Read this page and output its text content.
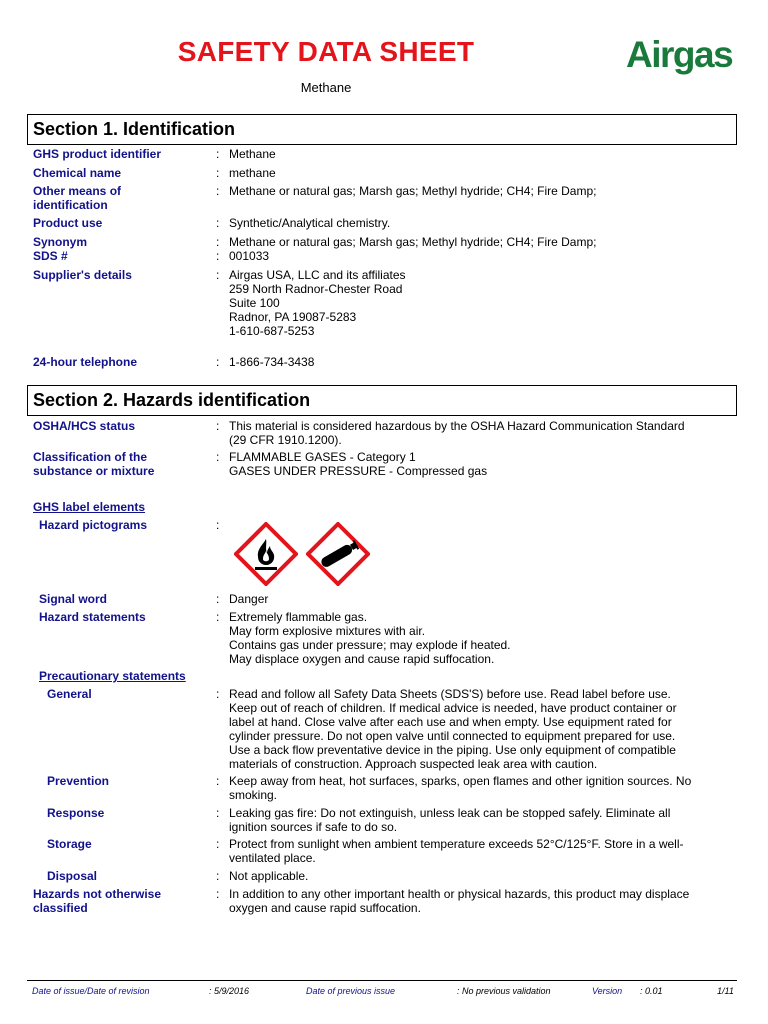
SAFETY DATA SHEET
Methane
Airgas
Section 1. Identification
GHS product identifier	: Methane
Chemical name	: methane
Other means of identification
: Methane or natural gas; Marsh gas; Methyl hydride; CH4; Fire Damp;
Product use	: Synthetic/Analytical chemistry.
Synonym	: Methane or natural gas; Marsh gas; Methyl hydride; CH4; Fire Damp;
SDS #	: 001033
Supplier's details	: Airgas USA, LLC and its affiliates
259 North Radnor-Chester Road
Suite 100
Radnor, PA 19087-5283
1-610-687-5253
24-hour telephone	: 1-866-734-3438
Section 2. Hazards identification
OSHA/HCS status	: This material is considered hazardous by the OSHA Hazard Communication Standard
(29 CFR 1910.1200).
Classification of the
substance or mixture
: FLAMMABLE GASES - Category 1
GASES UNDER PRESSURE - Compressed gas
GHS label elements
Hazard pictograms	:
Signal word	: Danger
Hazard statements	: Extremely flammable gas.
May form explosive mixtures with air.
Contains gas under pressure; may explode if heated.
May displace oxygen and cause rapid suffocation.
Precautionary statements
General	: Read and follow all Safety Data Sheets (SDS'S) before use. Read label before use.
Keep out of reach of children. If medical advice is needed, have product container or
label at hand. Close valve after each use and when empty. Use equipment rated for
cylinder pressure. Do not open valve until connected to equipment prepared for use.
Use a back flow preventative device in the piping. Use only equipment of compatible
materials of construction. Approach suspected leak area with caution.
Prevention	: Keep away from heat, hot surfaces, sparks, open flames and other ignition sources. No
smoking.
Response	: Leaking gas fire: Do not extinguish, unless leak can be stopped safely. Eliminate all
ignition sources if safe to do so.
Storage	: Protect from sunlight when ambient temperature exceeds 52°C/125°F. Store in a well-
ventilated place.
Disposal	: Not applicable.
Hazards not otherwise
classified
: In addition to any other important health or physical hazards, this product may displace
oxygen and cause rapid suffocation.
Date of issue/Date of revision	: 5/9/2016	Date of previous issue	: No previous validation	Version : 0.01	1/11
